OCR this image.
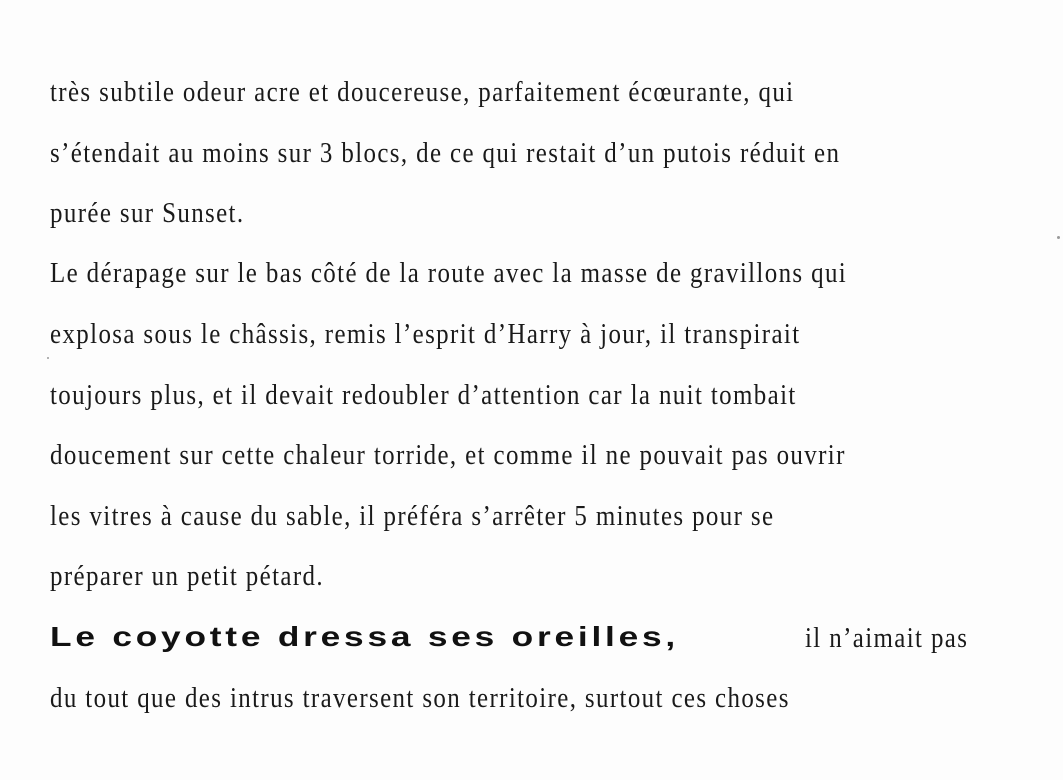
très subtile odeur acre et doucereuse, parfaitement écœurante, qui
s’étendait au moins sur 3 blocs, de ce qui restait d’un putois réduit en
purée sur Sunset.
Le dérapage sur le bas côté de la route avec la masse de gravillons qui
explosa sous le châssis, remis l’esprit d’Harry à jour, il transpirait
toujours plus, et il devait redoubler d’attention car la nuit tombait
doucement sur cette chaleur torride, et comme il ne pouvait pas ouvrir
les vitres à cause du sable, il préféra s’arrêter 5 minutes pour se
préparer un petit pétard.
Le coyotte dressa ses oreilles,	il n’aimait pas
du tout que des intrus traversent son territoire, surtout ces choses
